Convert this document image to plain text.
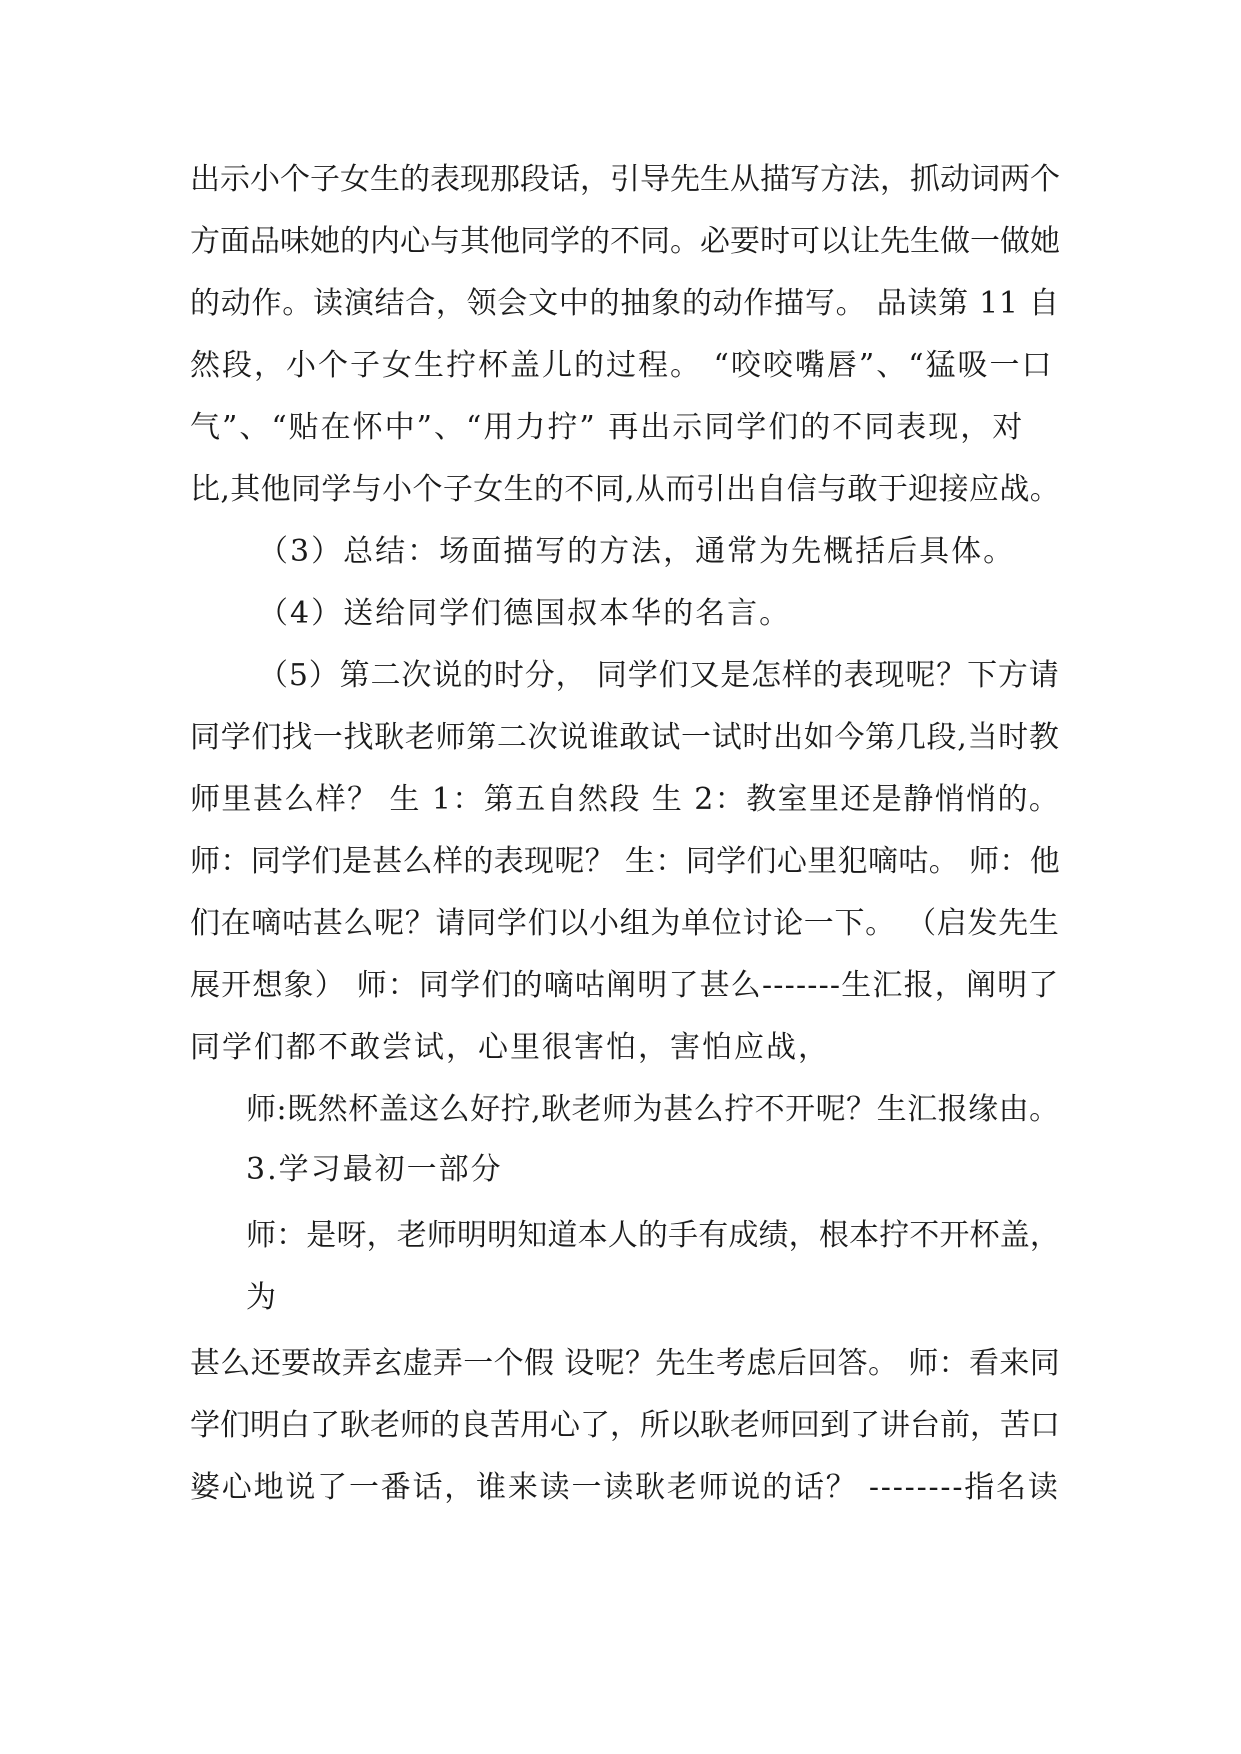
出示小个子女生的表现那段话，引导先生从描写方法，抓动词两个
方面品味她的内心与其他同学的不同。必要时可以让先生做一做她
的动作。读演结合，领会文中的抽象的动作描写。 品读第 11 自
然段，小个子女生拧杯盖儿的过程。 “咬咬嘴唇”、“猛吸一口
气”、“贴在怀中”、“用力拧” 再出示同学们的不同表现，对
比,其他同学与小个子女生的不同,从而引出自信与敢于迎接应战。
（3）总结：场面描写的方法，通常为先概括后具体。
（4）送给同学们德国叔本华的名言。
（5）第二次说的时分， 同学们又是怎样的表现呢？下方请
同学们找一找耿老师第二次说谁敢试一试时出如今第几段,当时教
师里甚么样？ 生 1：第五自然段 生 2：教室里还是静悄悄的。
师：同学们是甚么样的表现呢？ 生：同学们心里犯嘀咕。 师：他
们在嘀咕甚么呢？请同学们以小组为单位讨论一下。 （启发先生
展开想象） 师：同学们的嘀咕阐明了甚么-------生汇报，阐明了
同学们都不敢尝试，心里很害怕，害怕应战，
师:既然杯盖这么好拧,耿老师为甚么拧不开呢？生汇报缘由。
3.学习最初一部分
师：是呀，老师明明知道本人的手有成绩，根本拧不开杯盖，
为
甚么还要故弄玄虚弄一个假 设呢？先生考虑后回答。 师：看来同
学们明白了耿老师的良苦用心了，所以耿老师回到了讲台前，苦口
婆心地说了一番话，谁来读一读耿老师说的话？ --------指名读
